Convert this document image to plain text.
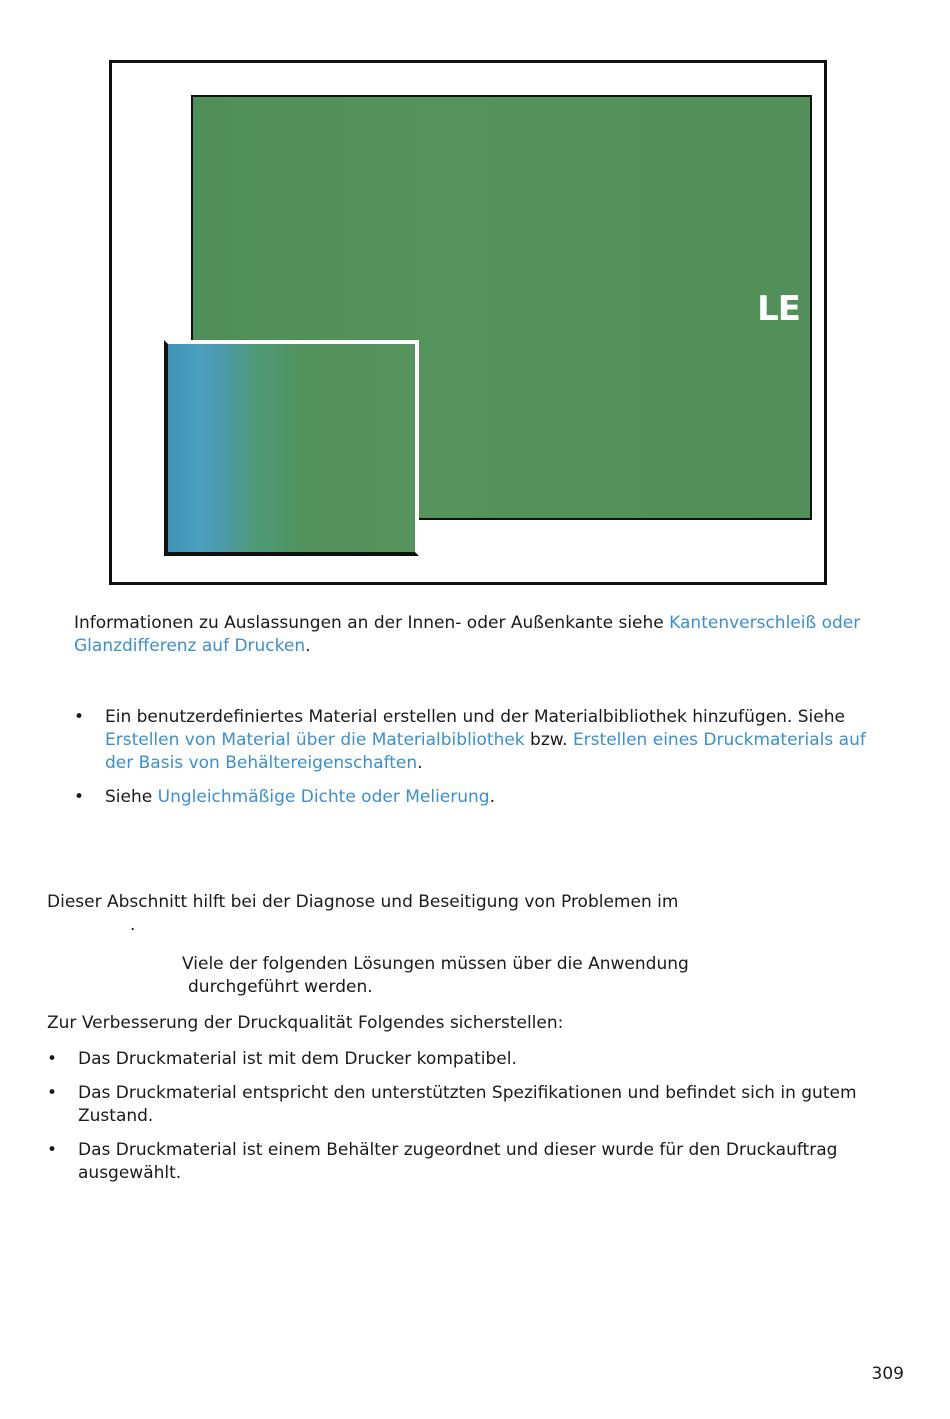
LE

Informationen zu Auslassungen an der Innen- oder Außenkante siehe Kantenverschleiß oder Glanzdifferenz auf Drucken.

• Ein benutzerdefiniertes Material erstellen und der Materialbibliothek hinzufügen. Siehe Erstellen von Material über die Materialbibliothek bzw. Erstellen eines Druckmaterials auf der Basis von Behältereigenschaften.

• Siehe Ungleichmäßige Dichte oder Melierung.

Dieser Abschnitt hilft bei der Diagnose und Beseitigung von Problemen im

.

Viele der folgenden Lösungen müssen über die Anwendung

durchgeführt werden.

Zur Verbesserung der Druckqualität Folgendes sicherstellen:

• Das Druckmaterial ist mit dem Drucker kompatibel.

• Das Druckmaterial entspricht den unterstützten Spezifikationen und befindet sich in gutem Zustand.

• Das Druckmaterial ist einem Behälter zugeordnet und dieser wurde für den Druckauftrag ausgewählt.

309
